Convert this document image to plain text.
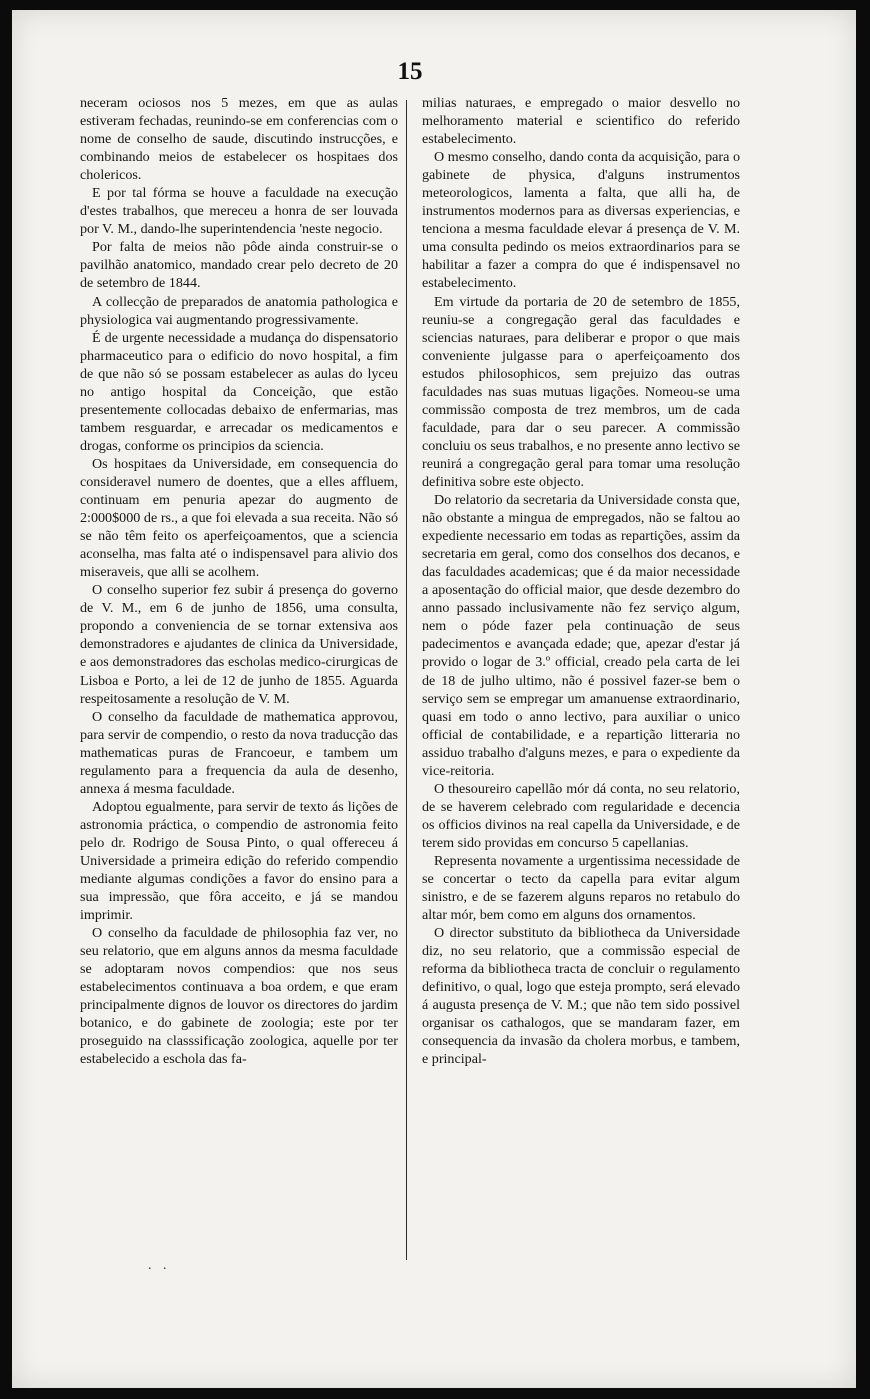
15

neceram ociosos nos 5 mezes, em que as aulas estiveram fechadas, reunindo-se em conferencias com o nome de conselho de saude, discutindo instrucções, e combinando meios de estabelecer os hospitaes dos cholericos.

E por tal fórma se houve a faculdade na execução d'estes trabalhos, que mereceu a honra de ser louvada por V. M., dando-lhe superintendencia 'neste negocio.

Por falta de meios não pôde ainda construir-se o pavilhão anatomico, mandado crear pelo decreto de 20 de setembro de 1844.

A collecção de preparados de anatomia pathologica e physiologica vai augmentando progressivamente.

É de urgente necessidade a mudança do dispensatorio pharmaceutico para o edificio do novo hospital, a fim de que não só se possam estabelecer as aulas do lyceu no antigo hospital da Conceição, que estão presentemente collocadas debaixo de enfermarias, mas tambem resguardar, e arrecadar os medicamentos e drogas, conforme os principios da sciencia.

Os hospitaes da Universidade, em consequencia do consideravel numero de doentes, que a elles affluem, continuam em penuria apezar do augmento de 2:000$000 de rs., a que foi elevada a sua receita. Não só se não têm feito os aperfeiçoamentos, que a sciencia aconselha, mas falta até o indispensavel para alivio dos miseraveis, que alli se acolhem.

O conselho superior fez subir á presença do governo de V. M., em 6 de junho de 1856, uma consulta, propondo a conveniencia de se tornar extensiva aos demonstradores e ajudantes de clinica da Universidade, e aos demonstradores das escholas medico-cirurgicas de Lisboa e Porto, a lei de 12 de junho de 1855. Aguarda respeitosamente a resolução de V. M.

O conselho da faculdade de mathematica approvou, para servir de compendio, o resto da nova traducção das mathematicas puras de Francoeur, e tambem um regulamento para a frequencia da aula de desenho, annexa á mesma faculdade.

Adoptou egualmente, para servir de texto ás lições de astronomia práctica, o compendio de astronomia feito pelo dr. Rodrigo de Sousa Pinto, o qual offereceu á Universidade a primeira edição do referido compendio mediante algumas condições a favor do ensino para a sua impressão, que fôra acceito, e já se mandou imprimir.

O conselho da faculdade de philosophia faz ver, no seu relatorio, que em alguns annos da mesma faculdade se adoptaram novos compendios: que nos seus estabelecimentos continuava a boa ordem, e que eram principalmente dignos de louvor os directores do jardim botanico, e do gabinete de zoologia; este por ter proseguido na classsificação zoologica, aquelle por ter estabelecido a eschola das fa-

milias naturaes, e empregado o maior desvello no melhoramento material e scientifico do referido estabelecimento.

O mesmo conselho, dando conta da acquisição, para o gabinete de physica, d'alguns instrumentos meteorologicos, lamenta a falta, que alli ha, de instrumentos modernos para as diversas experiencias, e tenciona a mesma faculdade elevar á presença de V. M. uma consulta pedindo os meios extraordinarios para se habilitar a fazer a compra do que é indispensavel no estabelecimento.

Em virtude da portaria de 20 de setembro de 1855, reuniu-se a congregação geral das faculdades e sciencias naturaes, para deliberar e propor o que mais conveniente julgasse para o aperfeiçoamento dos estudos philosophicos, sem prejuizo das outras faculdades nas suas mutuas ligações. Nomeou-se uma commissão composta de trez membros, um de cada faculdade, para dar o seu parecer. A commissão concluiu os seus trabalhos, e no presente anno lectivo se reunirá a congregação geral para tomar uma resolução definitiva sobre este objecto.

Do relatorio da secretaria da Universidade consta que, não obstante a mingua de empregados, não se faltou ao expediente necessario em todas as repartições, assim da secretaria em geral, como dos conselhos dos decanos, e das faculdades academicas; que é da maior necessidade a aposentação do official maior, que desde dezembro do anno passado inclusivamente não fez serviço algum, nem o póde fazer pela continuação de seus padecimentos e avançada edade; que, apezar d'estar já provido o logar de 3.º official, creado pela carta de lei de 18 de julho ultimo, não é possivel fazer-se bem o serviço sem se empregar um amanuense extraordinario, quasi em todo o anno lectivo, para auxiliar o unico official de contabilidade, e a repartição litteraria no assiduo trabalho d'alguns mezes, e para o expediente da vice-reitoria.

O thesoureiro capellão mór dá conta, no seu relatorio, de se haverem celebrado com regularidade e decencia os officios divinos na real capella da Universidade, e de terem sido providas em concurso 5 capellanias.

Representa novamente a urgentissima necessidade de se concertar o tecto da capella para evitar algum sinistro, e de se fazerem alguns reparos no retabulo do altar mór, bem como em alguns dos ornamentos.

O director substituto da bibliotheca da Universidade diz, no seu relatorio, que a commissão especial de reforma da bibliotheca tracta de concluir o regulamento definitivo, o qual, logo que esteja prompto, será elevado á augusta presença de V. M.; que não tem sido possivel organisar os cathalogos, que se mandaram fazer, em consequencia da invasão da cholera morbus, e tambem, e principal-

. .
